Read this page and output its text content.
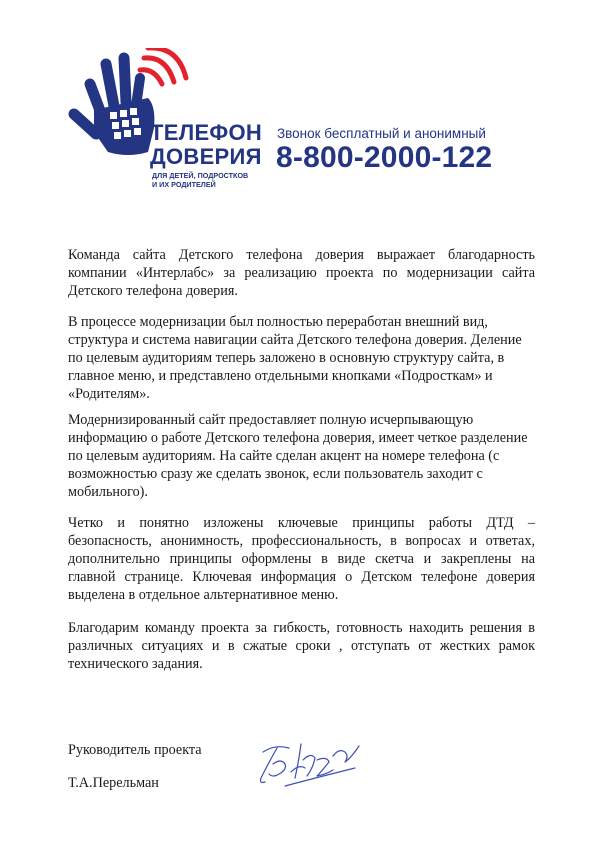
ТЕЛЕФОН
ДОВЕРИЯ
ДЛЯ ДЕТЕЙ, ПОДРОСТКОВ
И ИХ РОДИТЕЛЕЙ
Звонок бесплатный и анонимный
8-800-2000-122

Команда сайта Детского телефона доверия выражает благодарность компании «Интерлабс» за реализацию проекта по модернизации сайта Детского телефона доверия.

В процессе модернизации был полностью переработан внешний вид, структура и система навигации сайта Детского телефона доверия. Деление по целевым аудиториям теперь заложено в основную структуру сайта, в главное меню, и представлено отдельными кнопками «Подросткам» и «Родителям».

Модернизированный сайт предоставляет полную исчерпывающую информацию о работе Детского телефона доверия, имеет четкое разделение по целевым аудиториям. На сайте сделан акцент на номере телефона (с возможностью сразу же сделать звонок, если пользователь заходит с мобильного).

Четко и понятно изложены ключевые принципы работы ДТД – безопасность, анонимность, профессиональность, в вопросах и ответах, дополнительно принципы оформлены в виде скетча и закреплены на главной странице. Ключевая информация о Детском телефоне доверия выделена в отдельное альтернативное меню.

Благодарим команду проекта за гибкость, готовность находить решения в различных ситуациях и в сжатые сроки , отступать от жестких рамок технического задания.

Руководитель проекта
Т.А.Перельман
